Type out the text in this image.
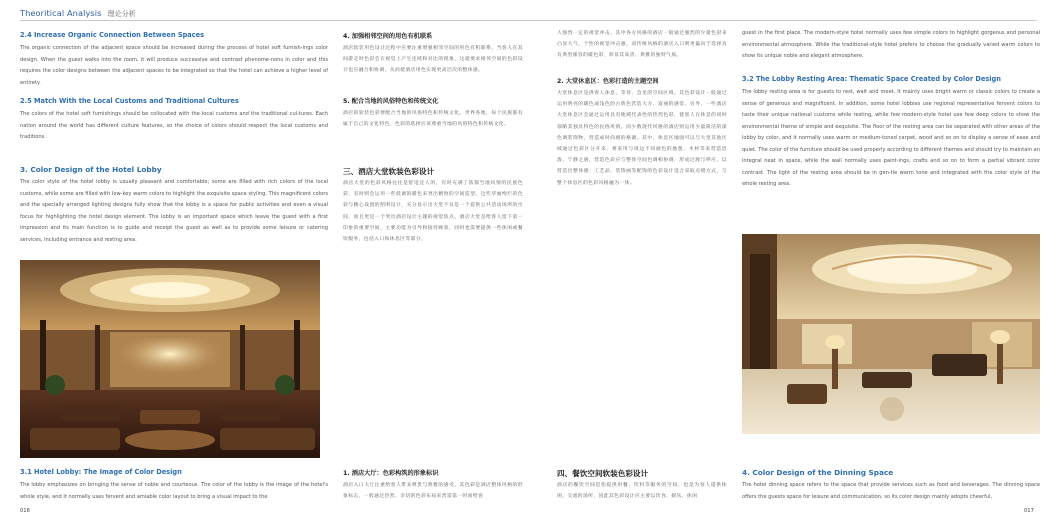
Theoritical Analysis 理论分析
2.4 Increase Organic Connection Between Spaces
The organic connection of the adjacent space should be increased during the process of hotel soft furnish-ings color design. When the guest walks into the room, it will produce successive and contrast phenome-nons in color and this requires the color designs between the adjacent spaces to be integrated so that the hotel can achieve a higher level of entirety.
2.5 Match With the Local Customs and Traditional Cultures
The colors of the hotel soft furnishings should be collocated with the local customs and the traditional cul-tures. Each nation around the world has different culture features, so the choice of colors should respect the local customs and traditions.
3. Color Design of the Hotel Lobby
The color style of the hotel lobby is usually pleasant and comfortable; some are filled with rich colors of the local customs, while some are filled with low-key warm colors to highlight the exquisite space styling. This magnificent colors and the specially arranged lighting designs fully show that the lobby is a space for public activities and even a visual focus for highlighting the hotel design element. The lobby is an important space which leave the guest with a first impression and its main function is to guide and receipt the guest as well as to provide some leisure or catering services, including entrance and resting area.
3.1 Hotel Lobby: The Image of Color Design
The lobby emphasizes on bringing the sense of noble and courteous. The color of the lobby is the image of the hotel's whole style, and it normally uses fervent and amiable color layout to bring a visual impact to the
016
4. 加强相邻空间的用色有机联系
酒店软装用色设计过程中应要注重增强相邻空间的用色有机联系，当客人在其间游走时色彩会在视觉上产生连续和对比的现象，这就要求相邻空间的色彩设计也应融合和协调，从而使酒店用色实现更高层次的整体感。
5. 配合当地的风俗特色和传统文化
酒店的软装色彩要配合当地的风俗特色和传统文化。世界各地，每个民族都有属于自己的文化特色，色彩的选择应该尊重当地的风俗特色和传统文化。
三、酒店大堂软装色彩设计
酒店大堂的色彩风格往往是舒适宜人的，有时充满了浓郁当地风情的民族色彩，有时则会运用一些低调的暖色来突出精致的空间造型。这些华丽绚烂的色彩与精心设置的照明设计，充分显示出大堂不仅是一个提供公共活动场所的空间，而且更是一个突出酒店设计主题的视觉焦点。酒店大堂是给客人留下第一印象的重要空间，主要功能为引导和接待顾客，同时也需要提供一些休闲或餐饮服务，包括入口和休息区等部分。
1. 酒店大厅：色彩构筑的形象标识
酒店入口大厅注重给客人带来尊贵与典雅的感受。其色彩是酒店整体风格的形象标志，一般通过热烈、亲切的色彩布局来营造第一时间给客
人强烈一定的视觉冲击。其中各方风格的酒店一般通过强烈的少量色彩来凸显大气，个性的视觉冲击感，而传统风格的酒店入口则更偏向于选择具有典型雍容的暖色彩，彰显其高贵、典雅的独特气质。
2. 大堂休息区：色彩打造的主题空间
大堂休息区是供客人休息、等待、会见的空间区域。其色彩设计一般通过运用明亮的暖色或浅色的古典色营造大方、富丽的感觉。另外，一些酒店大堂休息区会通过运用具有地域代表性的热烈色彩，使客人在休息的同时领略其独具特色的民俗风情。而少数现代风格的酒店则运用少量简洁的深色调装饰物，营造成时尚感的格调。其中，休息区地面可以与大堂其他区域通过色彩区分开来，将采用与周边不同颜色的地毯、木材等来营造活泼、宁静之感，营造色彩应与整体空间色调相协调，形成过渡与呼应，以营造出整体感；工艺品、装饰画等配饰的色彩设计适合采取点缀方式，与整个休息区的色彩风格融为一体。
四、餐饮空间软装色彩设计
酒店的餐饮空间是指提供用餐、饮料等服务的空间，也是为客人提供休闲、交流的场所，因此其色彩设计应主要以饮食、娱乐、休闲
guest in the first place. The modern-style hotel normally uses few simple colors to highlight gorgeous and personal environmental atmosphere. While the traditional-style hotel prefers to choose the gradually varied warm colors to show its unique noble and elegant atmosphere.
3.2 The Lobby Resting Area: Thematic Space Created by Color Design
The lobby resting area is for guests to rest, wait and meet. It mainly uses bright warm or classic colors to create a sense of generous and magnificent. In addition, some hotel lobbies use regional representative fervent colors to taste their unique national customs while resting, while few modern-style hotel use few deep colors to show the environmental theme of simple and exquisite. The floor of the resting area can be separated with other areas of the lobby by color, and it normally uses warm or medium-toned carpet, wood and so on to display a sense of ease and quiet. The color of the furniture should be used properly according to different themes and should try to maintain an integral neat in space, while the wall normally uses paint-ings, crafts and so on to form a partial vibrant color contrast. The light of the resting area should be in gen-tle warm tone and integrated with the color style of the whole resting area.
4. Color Design of the Dinning Space
The hotel dinning space refers to the space that provide services such as food and beverages. The dinning space offers the guests space for leisure and communication, so its color design mainly adopts cheerful,
017
